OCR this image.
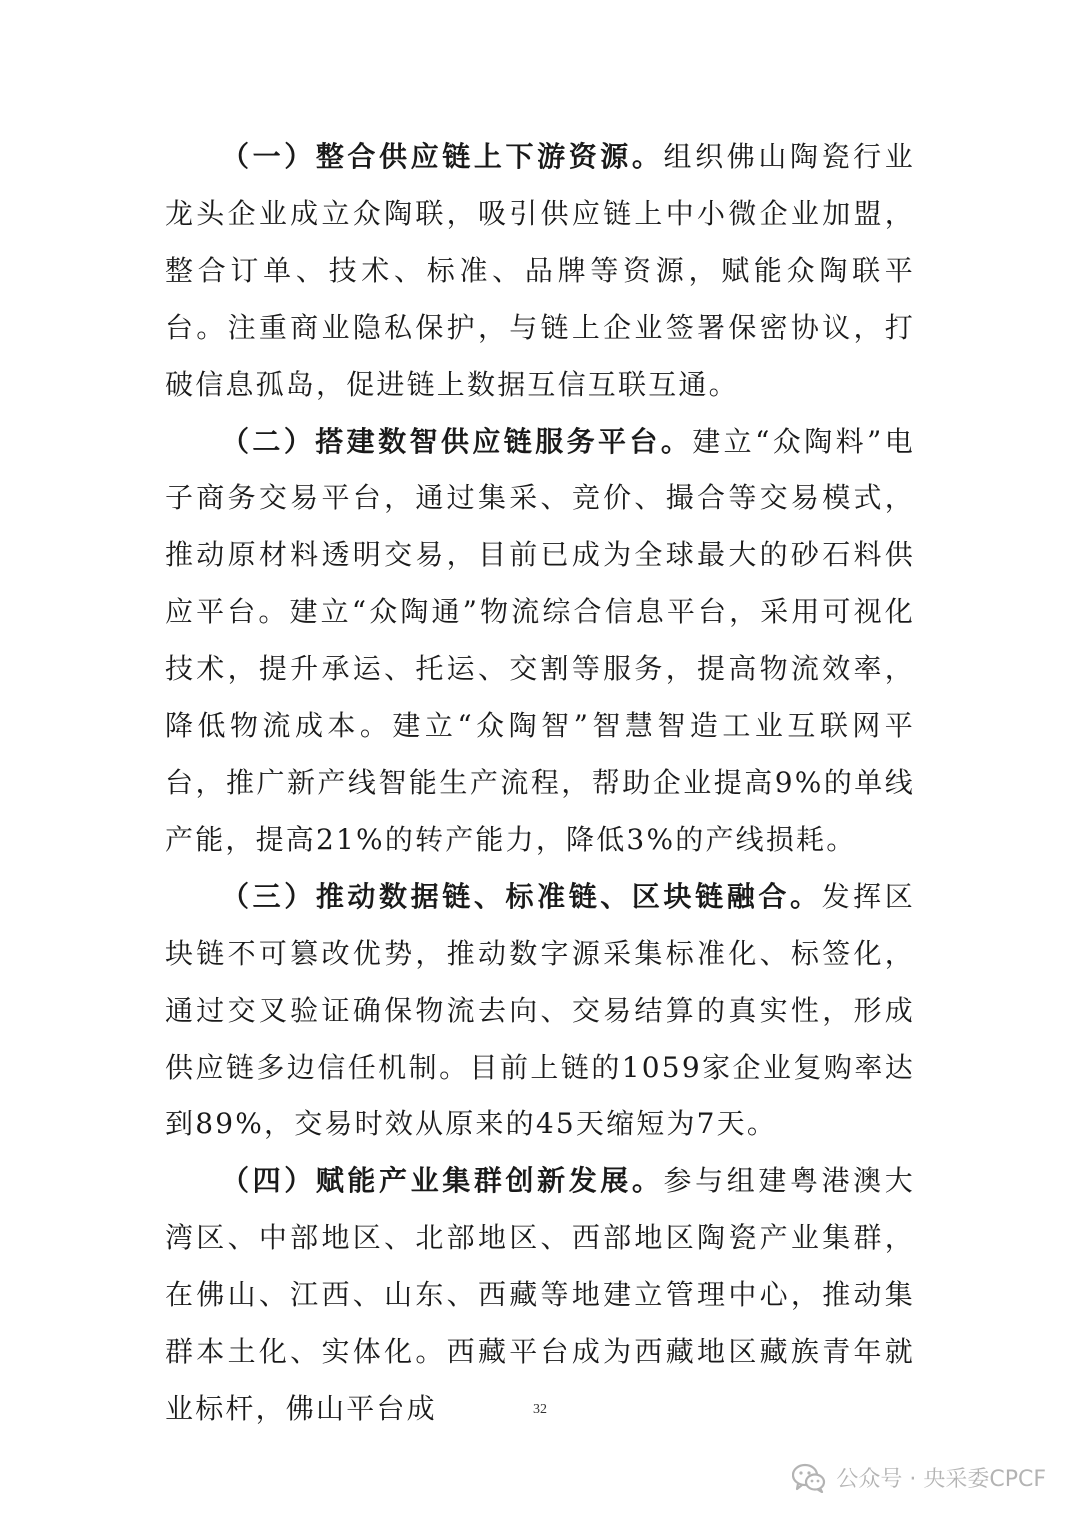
（一）整合供应链上下游资源。组织佛山陶瓷行业龙头企业成立众陶联，吸引供应链上中小微企业加盟，整合订单、技术、标准、品牌等资源，赋能众陶联平台。注重商业隐私保护，与链上企业签署保密协议，打破信息孤岛，促进链上数据互信互联互通。

（二）搭建数智供应链服务平台。建立“众陶料”电子商务交易平台，通过集采、竞价、撮合等交易模式，推动原材料透明交易，目前已成为全球最大的砂石料供应平台。建立“众陶通”物流综合信息平台，采用可视化技术，提升承运、托运、交割等服务，提高物流效率，降低物流成本。建立“众陶智”智慧智造工业互联网平台，推广新产线智能生产流程，帮助企业提高9%的单线产能，提高21%的转产能力，降低3%的产线损耗。

（三）推动数据链、标准链、区块链融合。发挥区块链不可篡改优势，推动数字源采集标准化、标签化，通过交叉验证确保物流去向、交易结算的真实性，形成供应链多边信任机制。目前上链的1059家企业复购率达到89%，交易时效从原来的45天缩短为7天。

（四）赋能产业集群创新发展。参与组建粤港澳大湾区、中部地区、北部地区、西部地区陶瓷产业集群，在佛山、江西、山东、西藏等地建立管理中心，推动集群本土化、实体化。西藏平台成为西藏地区藏族青年就业标杆，佛山平台成	32
公众号 · 央采委CPCF
